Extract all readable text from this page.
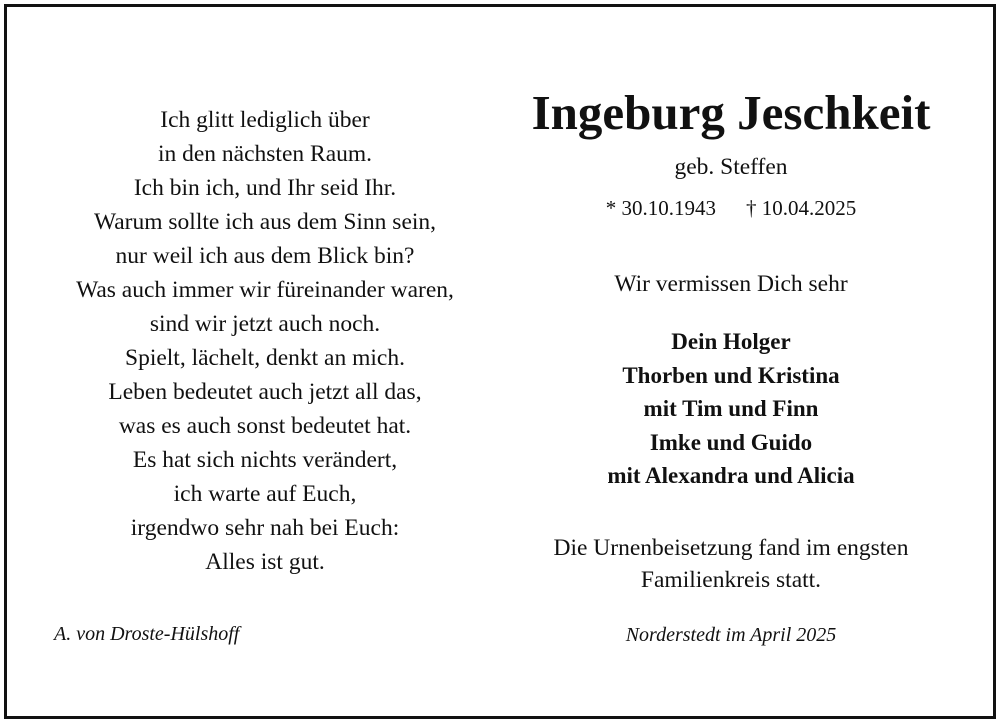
Ich glitt lediglich über
in den nächsten Raum.
Ich bin ich, und Ihr seid Ihr.
Warum sollte ich aus dem Sinn sein,
nur weil ich aus dem Blick bin?
Was auch immer wir füreinander waren,
sind wir jetzt auch noch.
Spielt, lächelt, denkt an mich.
Leben bedeutet auch jetzt all das,
was es auch sonst bedeutet hat.
Es hat sich nichts verändert,
ich warte auf Euch,
irgendwo sehr nah bei Euch:
Alles ist gut.
A. von Droste-Hülshoff
Ingeburg Jeschkeit
geb. Steffen
* 30.10.1943 † 10.04.2025
Wir vermissen Dich sehr
Dein Holger
Thorben und Kristina
mit Tim und Finn
Imke und Guido
mit Alexandra und Alicia
Die Urnenbeisetzung fand im engsten
Familienkreis statt.
Norderstedt im April 2025
